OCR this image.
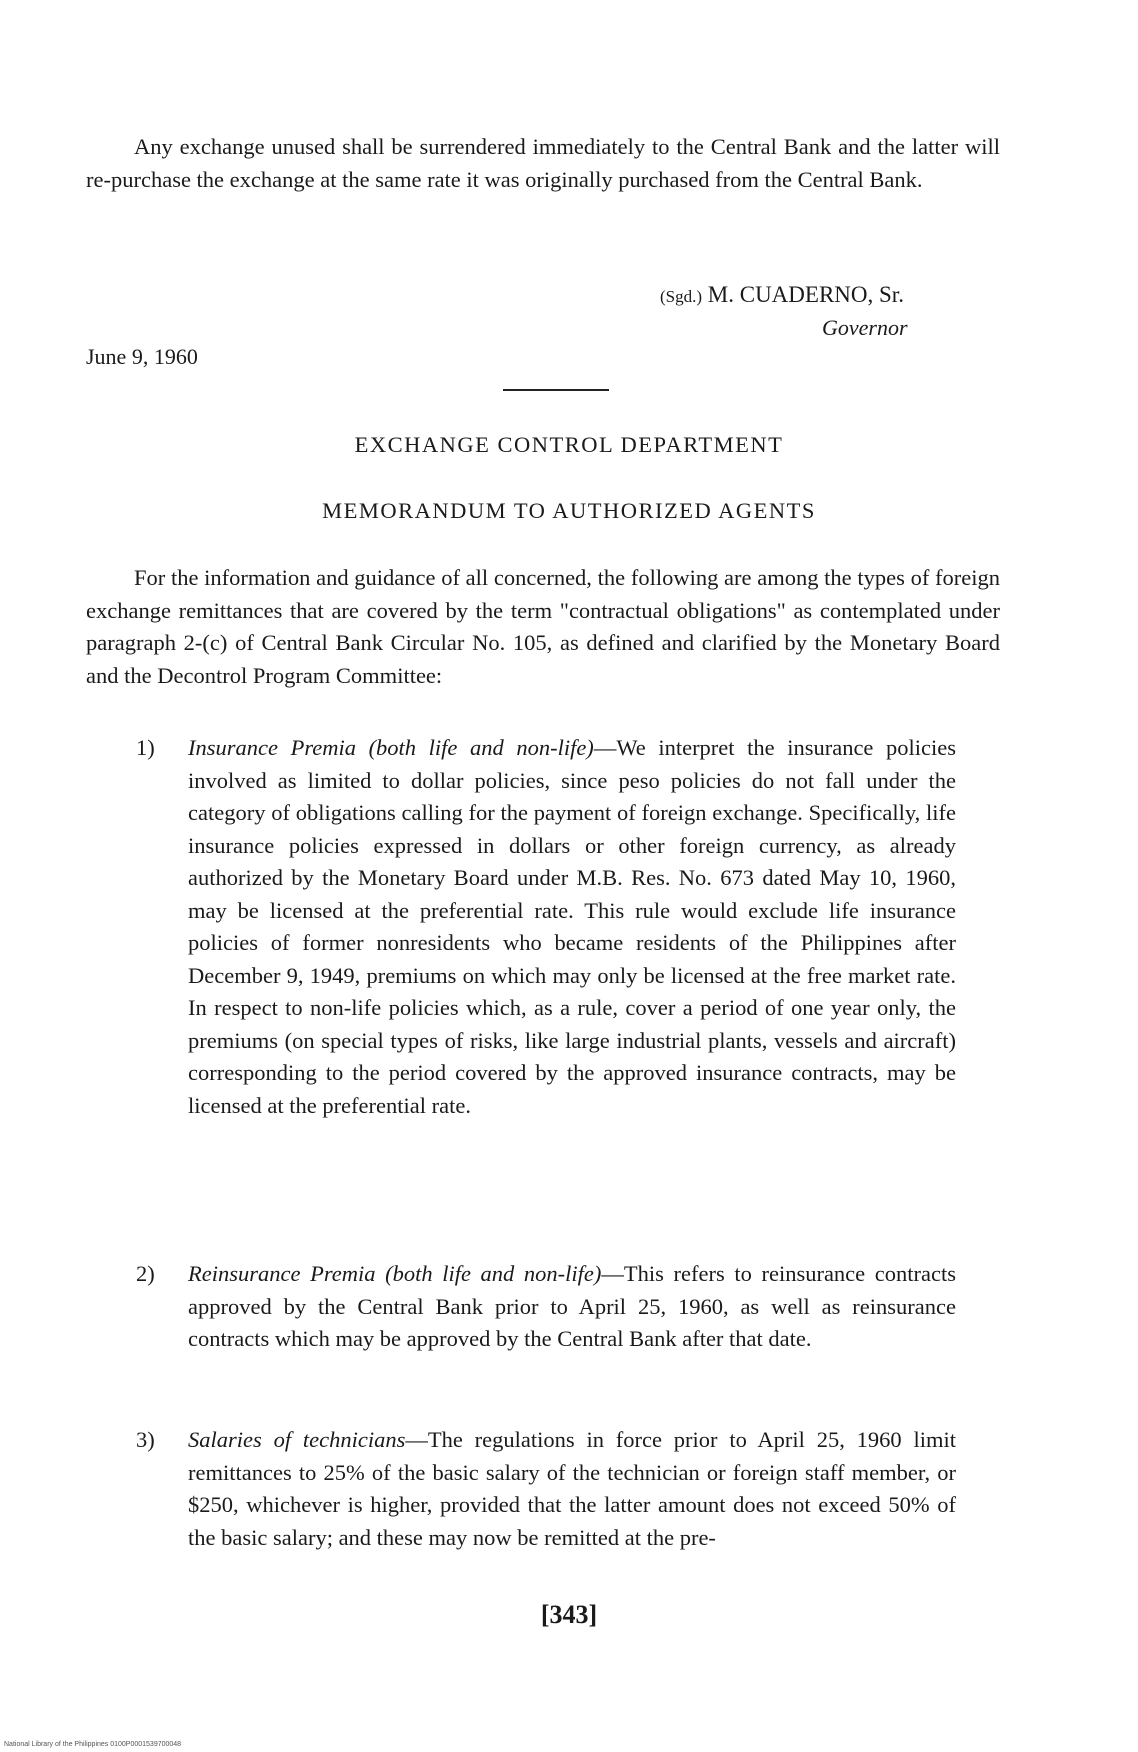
Any exchange unused shall be surrendered immediately to the Central Bank and the latter will re-purchase the exchange at the same rate it was originally purchased from the Central Bank.

(Sgd.) M. CUADERNO, Sr.
Governor
June 9, 1960
EXCHANGE CONTROL DEPARTMENT
MEMORANDUM TO AUTHORIZED AGENTS

For the information and guidance of all concerned, the following are among the types of foreign exchange remittances that are covered by the term "contractual obligations" as contemplated under paragraph 2-(c) of Central Bank Circular No. 105, as defined and clarified by the Monetary Board and the Decontrol Program Committee:

1) Insurance Premia (both life and non-life)—We interpret the insurance policies involved as limited to dollar policies, since peso policies do not fall under the category of obligations calling for the payment of foreign exchange. Specifically, life insurance policies expressed in dollars or other foreign currency, as already authorized by the Monetary Board under M.B. Res. No. 673 dated May 10, 1960, may be licensed at the preferential rate. This rule would exclude life insurance policies of former nonresidents who became residents of the Philippines after December 9, 1949, premiums on which may only be licensed at the free market rate. In respect to non-life policies which, as a rule, cover a period of one year only, the premiums (on special types of risks, like large industrial plants, vessels and aircraft) corresponding to the period covered by the approved insurance contracts, may be licensed at the preferential rate.

2) Reinsurance Premia (both life and non-life)—This refers to reinsurance contracts approved by the Central Bank prior to April 25, 1960, as well as reinsurance contracts which may be approved by the Central Bank after that date.

3) Salaries of technicians—The regulations in force prior to April 25, 1960 limit remittances to 25% of the basic salary of the technician or foreign staff member, or $250, whichever is higher, provided that the latter amount does not exceed 50% of the basic salary; and these may now be remitted at the pre-

[343]
National Library of the Philippines 0100P0001539700048
